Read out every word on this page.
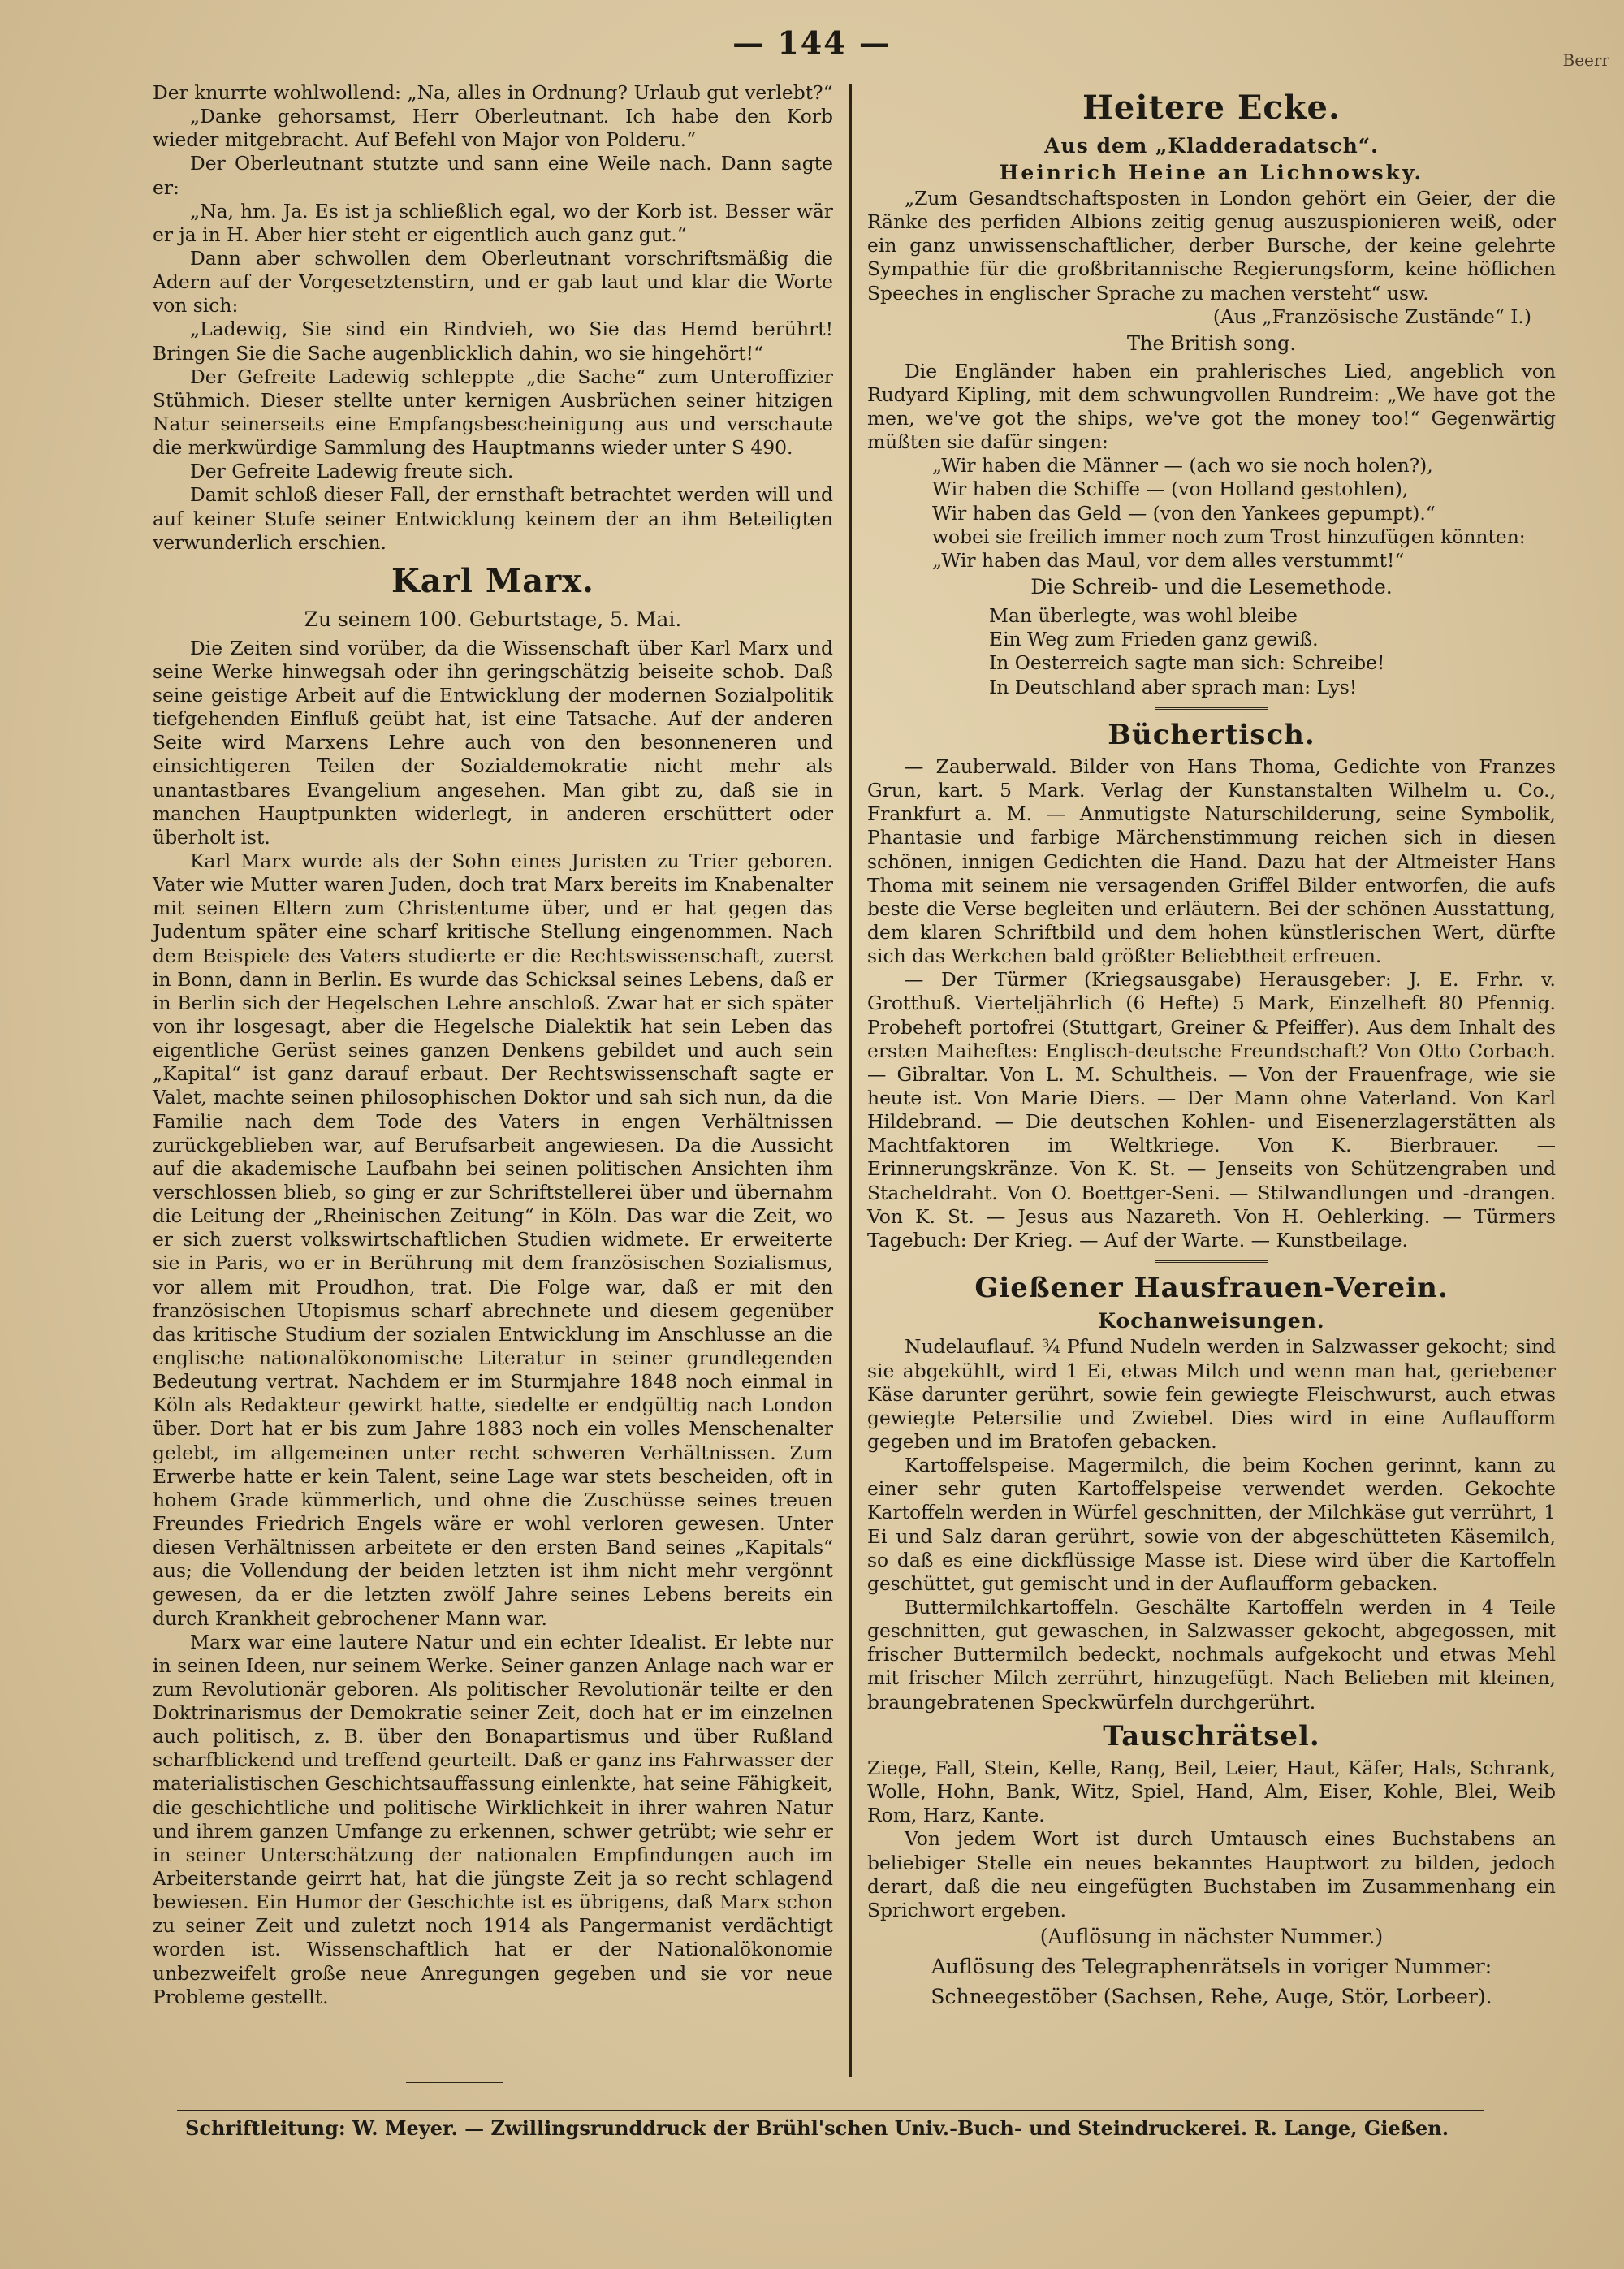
— 144 —	Beerr

Der knurrte wohlwollend: „Na, alles in Ordnung? Urlaub gut verlebt?“

„Danke gehorsamst, Herr Oberleutnant. Ich habe den Korb wieder mitgebracht. Auf Befehl von Major von Polderu.“

Der Oberleutnant stutzte und sann eine Weile nach. Dann sagte er:

„Na, hm. Ja. Es ist ja schließlich egal, wo der Korb ist. Besser wär er ja in H. Aber hier steht er eigentlich auch ganz gut.“

Dann aber schwollen dem Oberleutnant vorschriftsmäßig die Adern auf der Vorgesetztenstirn, und er gab laut und klar die Worte von sich:

„Ladewig, Sie sind ein Rindvieh, wo Sie das Hemd berührt! Bringen Sie die Sache augenblicklich dahin, wo sie hingehört!“

Der Gefreite Ladewig schleppte „die Sache“ zum Unteroffizier Stühmich. Dieser stellte unter kernigen Ausbrüchen seiner hitzigen Natur seinerseits eine Empfangsbescheinigung aus und verschaute die merkwürdige Sammlung des Hauptmanns wieder unter S 490.

Der Gefreite Ladewig freute sich.

Damit schloß dieser Fall, der ernsthaft betrachtet werden will und auf keiner Stufe seiner Entwicklung keinem der an ihm Beteiligten verwunderlich erschien.

Karl Marx.
Zu seinem 100. Geburtstage, 5. Mai.

Die Zeiten sind vorüber, da die Wissenschaft über Karl Marx und seine Werke hinwegsah oder ihn geringschätzig beiseite schob. Daß seine geistige Arbeit auf die Entwicklung der modernen Sozialpolitik tiefgehenden Einfluß geübt hat, ist eine Tatsache. Auf der anderen Seite wird Marxens Lehre auch von den besonneneren und einsichtigeren Teilen der Sozialdemokratie nicht mehr als unantastbares Evangelium angesehen. Man gibt zu, daß sie in manchen Hauptpunkten widerlegt, in anderen erschüttert oder überholt ist.

Karl Marx wurde als der Sohn eines Juristen zu Trier geboren. Vater wie Mutter waren Juden, doch trat Marx bereits im Knabenalter mit seinen Eltern zum Christentume über, und er hat gegen das Judentum später eine scharf kritische Stellung eingenommen. Nach dem Beispiele des Vaters studierte er die Rechtswissenschaft, zuerst in Bonn, dann in Berlin. Es wurde das Schicksal seines Lebens, daß er in Berlin sich der Hegelschen Lehre anschloß. Zwar hat er sich später von ihr losgesagt, aber die Hegelsche Dialektik hat sein Leben das eigentliche Gerüst seines ganzen Denkens gebildet und auch sein „Kapital“ ist ganz darauf erbaut. Der Rechtswissenschaft sagte er Valet, machte seinen philosophischen Doktor und sah sich nun, da die Familie nach dem Tode des Vaters in engen Verhältnissen zurückgeblieben war, auf Berufsarbeit angewiesen. Da die Aussicht auf die akademische Laufbahn bei seinen politischen Ansichten ihm verschlossen blieb, so ging er zur Schriftstellerei über und übernahm die Leitung der „Rheinischen Zeitung“ in Köln. Das war die Zeit, wo er sich zuerst volkswirtschaftlichen Studien widmete. Er erweiterte sie in Paris, wo er in Berührung mit dem französischen Sozialismus, vor allem mit Proudhon, trat. Die Folge war, daß er mit den französischen Utopismus scharf abrechnete und diesem gegenüber das kritische Studium der sozialen Entwicklung im Anschlusse an die englische nationalökonomische Literatur in seiner grundlegenden Bedeutung vertrat. Nachdem er im Sturmjahre 1848 noch einmal in Köln als Redakteur gewirkt hatte, siedelte er endgültig nach London über. Dort hat er bis zum Jahre 1883 noch ein volles Menschenalter gelebt, im allgemeinen unter recht schweren Verhältnissen. Zum Erwerbe hatte er kein Talent, seine Lage war stets bescheiden, oft in hohem Grade kümmerlich, und ohne die Zuschüsse seines treuen Freundes Friedrich Engels wäre er wohl verloren gewesen. Unter diesen Verhältnissen arbeitete er den ersten Band seines „Kapitals“ aus; die Vollendung der beiden letzten ist ihm nicht mehr vergönnt gewesen, da er die letzten zwölf Jahre seines Lebens bereits ein durch Krankheit gebrochener Mann war.

Marx war eine lautere Natur und ein echter Idealist. Er lebte nur in seinen Ideen, nur seinem Werke. Seiner ganzen Anlage nach war er zum Revolutionär geboren. Als politischer Revolutionär teilte er den Doktrinarismus der Demokratie seiner Zeit, doch hat er im einzelnen auch politisch, z. B. über den Bonapartismus und über Rußland scharfblickend und treffend geurteilt. Daß er ganz ins Fahrwasser der materialistischen Geschichtsauffassung einlenkte, hat seine Fähigkeit, die geschichtliche und politische Wirklichkeit in ihrer wahren Natur und ihrem ganzen Umfange zu erkennen, schwer getrübt; wie sehr er in seiner Unterschätzung der nationalen Empfindungen auch im Arbeiterstande geirrt hat, hat die jüngste Zeit ja so recht schlagend bewiesen. Ein Humor der Geschichte ist es übrigens, daß Marx schon zu seiner Zeit und zuletzt noch 1914 als Pangermanist verdächtigt worden ist. Wissenschaftlich hat er der Nationalökonomie unbezweifelt große neue Anregungen gegeben und sie vor neue Probleme gestellt.

Heitere Ecke.
Aus dem „Kladderadatsch“.
Heinrich Heine an Lichnowsky.

„Zum Gesandtschaftsposten in London gehört ein Geier, der die Ränke des perfiden Albions zeitig genug auszuspionieren weiß, oder ein ganz unwissenschaftlicher, derber Bursche, der keine gelehrte Sympathie für die großbritannische Regierungsform, keine höflichen Speeches in englischer Sprache zu machen versteht“ usw.

(Aus „Französische Zustände“ I.)
The British song.

Die Engländer haben ein prahlerisches Lied, angeblich von Rudyard Kipling, mit dem schwungvollen Rundreim: „We have got the men, we've got the ships, we've got the money too!“ Gegenwärtig müßten sie dafür singen:

„Wir haben die Männer — (ach wo sie noch holen?),
Wir haben die Schiffe — (von Holland gestohlen),
Wir haben das Geld — (von den Yankees gepumpt).“
wobei sie freilich immer noch zum Trost hinzufügen könnten:
„Wir haben das Maul, vor dem alles verstummt!“
Die Schreib- und die Lesemethode.
Man überlegte, was wohl bleibe
Ein Weg zum Frieden ganz gewiß.
In Oesterreich sagte man sich: Schreibe!
In Deutschland aber sprach man: Lys!
Büchertisch.

— Zauberwald. Bilder von Hans Thoma, Gedichte von Franzes Grun, kart. 5 Mark. Verlag der Kunstanstalten Wilhelm u. Co., Frankfurt a. M. — Anmutigste Naturschilderung, seine Symbolik, Phantasie und farbige Märchenstimmung reichen sich in diesen schönen, innigen Gedichten die Hand. Dazu hat der Altmeister Hans Thoma mit seinem nie versagenden Griffel Bilder entworfen, die aufs beste die Verse begleiten und erläutern. Bei der schönen Ausstattung, dem klaren Schriftbild und dem hohen künstlerischen Wert, dürfte sich das Werkchen bald größter Beliebtheit erfreuen.

— Der Türmer (Kriegsausgabe) Herausgeber: J. E. Frhr. v. Grotthuß. Vierteljährlich (6 Hefte) 5 Mark, Einzelheft 80 Pfennig. Probeheft portofrei (Stuttgart, Greiner & Pfeiffer). Aus dem Inhalt des ersten Maiheftes: Englisch-deutsche Freundschaft? Von Otto Corbach. — Gibraltar. Von L. M. Schultheis. — Von der Frauenfrage, wie sie heute ist. Von Marie Diers. — Der Mann ohne Vaterland. Von Karl Hildebrand. — Die deutschen Kohlen- und Eisenerzlagerstätten als Machtfaktoren im Weltkriege. Von K. Bierbrauer. — Erinnerungskränze. Von K. St. — Jenseits von Schützengraben und Stacheldraht. Von O. Boettger-Seni. — Stilwandlungen und -drangen. Von K. St. — Jesus aus Nazareth. Von H. Oehlerking. — Türmers Tagebuch: Der Krieg. — Auf der Warte. — Kunstbeilage.

Gießener Hausfrauen-Verein.
Kochanweisungen.

Nudelauflauf. ¾ Pfund Nudeln werden in Salzwasser gekocht; sind sie abgekühlt, wird 1 Ei, etwas Milch und wenn man hat, geriebener Käse darunter gerührt, sowie fein gewiegte Fleischwurst, auch etwas gewiegte Petersilie und Zwiebel. Dies wird in eine Auflaufform gegeben und im Bratofen gebacken.

Kartoffelspeise. Magermilch, die beim Kochen gerinnt, kann zu einer sehr guten Kartoffelspeise verwendet werden. Gekochte Kartoffeln werden in Würfel geschnitten, der Milchkäse gut verrührt, 1 Ei und Salz daran gerührt, sowie von der abgeschütteten Käsemilch, so daß es eine dickflüssige Masse ist. Diese wird über die Kartoffeln geschüttet, gut gemischt und in der Auflaufform gebacken.

Buttermilchkartoffeln. Geschälte Kartoffeln werden in 4 Teile geschnitten, gut gewaschen, in Salzwasser gekocht, abgegossen, mit frischer Buttermilch bedeckt, nochmals aufgekocht und etwas Mehl mit frischer Milch zerrührt, hinzugefügt. Nach Belieben mit kleinen, braungebratenen Speckwürfeln durchgerührt.

Tauschrätsel.

Ziege, Fall, Stein, Kelle, Rang, Beil, Leier, Haut, Käfer, Hals, Schrank, Wolle, Hohn, Bank, Witz, Spiel, Hand, Alm, Eiser, Kohle, Blei, Weib Rom, Harz, Kante.

Von jedem Wort ist durch Umtausch eines Buchstabens an beliebiger Stelle ein neues bekanntes Hauptwort zu bilden, jedoch derart, daß die neu eingefügten Buchstaben im Zusammenhang ein Sprichwort ergeben.

(Auflösung in nächster Nummer.)
Auflösung des Telegraphenrätsels in voriger Nummer:
Schneegestöber (Sachsen, Rehe, Auge, Stör, Lorbeer).
Schriftleitung: W. Meyer. — Zwillingsrunddruck der Brühl'schen Univ.-Buch- und Steindruckerei. R. Lange, Gießen.
